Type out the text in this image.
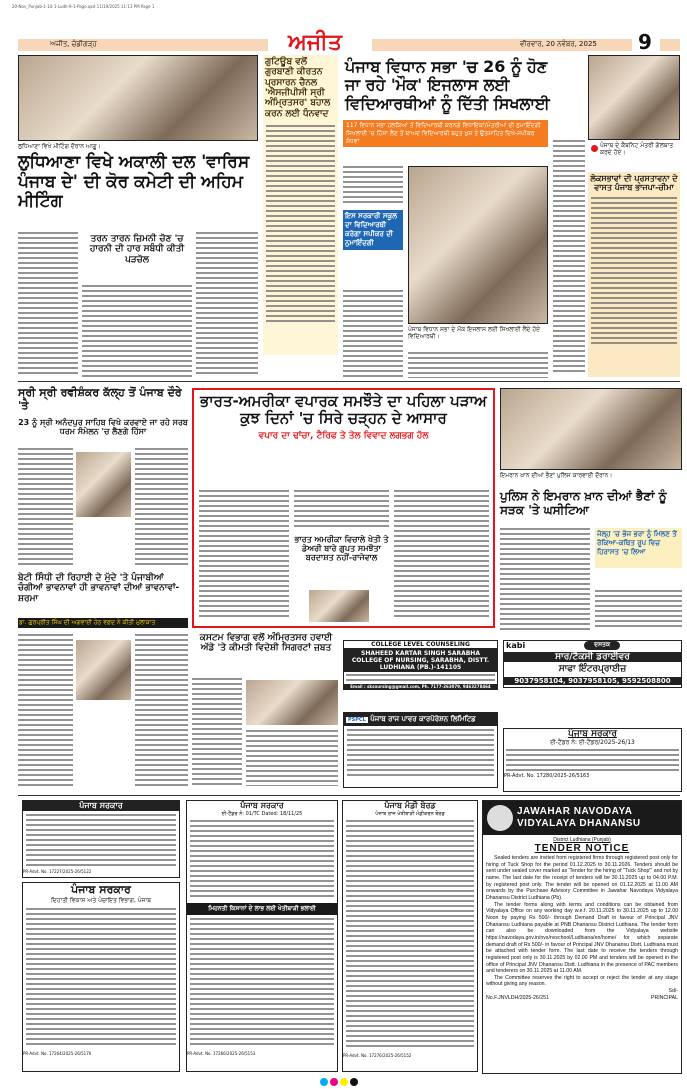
20-Nov_Punjab-1-10-1-Ludh-9-1-Page.qxd 11/19/2025 11:13 PM Page 1
ਅਜੀਤ, ਚੰਡੀਗੜ੍ਹ	ਅਜੀਤ	ਵੀਰਵਾਰ, 20 ਨਵੰਬਰ, 2025 9
ਲੁਧਿਆਣਾ ਵਿਖੇ ਮੀਟਿੰਗ ਦੌਰਾਨ ਆਗੂ।
ਗੁਟਿਊਬ ਵਲੋਂ ਗੁਰਬਾਣੀ ਕੀਰਤਨ ਪ੍ਰਸਾਰਨ ਚੈਨਲ 'ਐਸਜੀਪੀਸੀ ਸ੍ਰੀ ਅੰਮ੍ਰਿਤਸਰ' ਬਹਾਲ ਕਰਨ ਲਈ ਧੰਨਵਾਦ
ਲੁਧਿਆਣਾ ਵਿਖੇ ਅਕਾਲੀ ਦਲ 'ਵਾਰਿਸ ਪੰਜਾਬ ਦੇ' ਦੀ ਕੋਰ ਕਮੇਟੀ ਦੀ ਅਹਿਮ ਮੀਟਿੰਗ
ਤਰਨ ਤਾਰਨ ਜ਼ਿਮਨੀ ਚੋਣ 'ਚ ਹਾਰਨੀ ਦੀ ਹਾਰ ਸਬੰਧੀ ਕੀਤੀ ਪੜਚੋਲ
ਪੰਜਾਬ ਵਿਧਾਨ ਸਭਾ 'ਚ 26 ਨੂੰ ਹੋਣ ਜਾ ਰਹੇ 'ਮੌਕ' ਇਜਲਾਸ ਲਈ ਵਿਦਿਆਰਥੀਆਂ ਨੂੰ ਦਿੱਤੀ ਸਿਖਲਾਈ
117 ਵਿਧਾਨ ਸਭਾ ਹਲਕਿਆਂ ਤੋਂ ਵਿਦਿਆਰਥੀ ਕਰਨਗੇ ਵਿਧਾਇਕਾਂ/ਮੰਤਰੀਆਂ ਦੀ ਨੁਮਾਇੰਦਗੀ
ਸਿਖਲਾਈ 'ਚ ਹਿੱਸਾ ਲੈਣ ਤੋਂ ਬਾਅਦ ਵਿਦਿਆਰਥੀ ਬਹੁਤ ਖੁਸ਼ ਤੇ ਉਤਸ਼ਾਹਿਤ ਦਿਖੇ-ਸਪੀਕਰ ਸੰਧਵਾਂ
ਇਸ ਸਰਕਾਰੀ ਸਕੂਲ ਦਾ ਵਿਦਿਆਰਥੀ ਕਰੇਗਾ ਸਪੀਕਰ ਦੀ ਨੁਮਾਇੰਦਗੀ
ਪੰਜਾਬ ਵਿਧਾਨ ਸਭਾ ਦੇ ਮੌਕ ਇਜਲਾਸ ਲਈ ਸਿਖਲਾਈ ਲੈਂਦੇ ਹੋਏ ਵਿਦਿਆਰਥੀ।
ਪੰਜਾਬ ਦੇ ਕੈਬਨਿਟ ਮੰਤਰੀ ਗੱਲਬਾਤ ਕਰਦੇ ਹੋਏ।
ਲੋਕਸਭਾਵਾਂ ਦੀ ਪ੍ਰਸਤਾਵਨਾ ਦੇ ਵਾਸਤ ਪੰਜਾਬ ਭਾਜਪਾ-ਚੀਮਾ
ਸ੍ਰੀ ਸ੍ਰੀ ਰਵੀਸ਼ੰਕਰ ਕੱਲ੍ਹ ਤੋਂ ਪੰਜਾਬ ਦੌਰੇ 'ਤੇ
23 ਨੂੰ ਸ੍ਰੀ ਅਨੰਦਪੁਰ ਸਾਹਿਬ ਵਿਖੇ ਕਰਵਾਏ ਜਾ ਰਹੇ ਸਰਬ ਧਰਮ ਸੰਮੇਲਨ 'ਚ ਲੈਣਗੇ ਹਿੱਸਾ
ਬੇਟੀ ਸਿੰਧੀ ਦੀ ਰਿਹਾਈ ਦੇ ਮੁੱਦੇ 'ਤੇ ਪੰਜਾਬੀਆਂ ਚੰਗੀਆਂ ਭਾਵਨਾਵਾਂ ਹੀ ਭਾਵਨਾਵਾਂ ਦੀਆਂ ਭਾਵਨਾਵਾਂ-ਸ਼ਰਮਾ
ਡਾ. ਗੁਰਪ੍ਰੀਤ ਸਿੰਘ ਦੀ ਅਗਵਾਈ ਹੇਠ ਵਫ਼ਦ ਨੇ ਕੀਤੀ ਮੁਲਾਕਾਤ
ਭਾਰਤ-ਅਮਰੀਕਾ ਵਪਾਰਕ ਸਮਝੌਤੇ ਦਾ ਪਹਿਲਾ ਪੜਾਅ ਕੁਝ ਦਿਨਾਂ 'ਚ ਸਿਰੇ ਚੜ੍ਹਨ ਦੇ ਆਸਾਰ
ਵਪਾਰ ਦਾ ਢਾਂਚਾ, ਟੈਰਿਫ ਤੇ ਤੇਲ ਵਿਵਾਦ ਲਗਭਗ ਹੱਲ
ਭਾਰਤ ਅਮਰੀਕਾ ਵਿਚਾਲੇ ਖੇਤੀ ਤੇ ਡੇਅਰੀ ਬਾਰੇ ਗੁਪਤ ਸਮਝੌਤਾ ਬਰਦਾਸ਼ਤ ਨਹੀਂ-ਰਾਜੇਵਾਲ
ਇਮਰਾਨ ਖ਼ਾਨ ਦੀਆਂ ਭੈਣਾਂ ਪੁਲਿਸ ਕਾਰਵਾਈ ਦੌਰਾਨ।
ਪੁਲਿਸ ਨੇ ਇਮਰਾਨ ਖ਼ਾਨ ਦੀਆਂ ਭੈਣਾਂ ਨੂੰ ਸੜਕ 'ਤੇ ਘਸੀਟਿਆ
ਜੇਲ੍ਹ 'ਚ ਭੇਜ ਭਰਾ ਨੂੰ ਮਿਲਣ ਤੋਂ ਰੋਕਿਆ-ਕਥਿਤ ਰੂਪ ਵਿਚ ਹਿਰਾਸਤ 'ਚ ਲਿਆ
ਕਸਟਮ ਵਿਭਾਗ ਵਲੋਂ ਅੰਮ੍ਰਿਤਸਰ ਹਵਾਈ ਅੱਡੇ 'ਤੇ ਕੀਮਤੀ ਵਿਦੇਸ਼ੀ ਸਿਗਰਟਾਂ ਜ਼ਬਤ	COLLEGE LEVEL COUNSELING
SHAHEED KARTAR SINGH SARABHA COLLEGE OF NURSING, SARABHA, DISTT. LUDHIANA (PB.)-141105
Email : sksnursing@gmail.com, Ph. 7177-263079, 9463278464
PSPCL ਪੰਜਾਬ ਰਾਜ ਪਾਵਰ ਕਾਰਪੋਰੇਸ਼ਨ ਲਿਮਿਟਿਡ
kabi	ਦਸਤਕ
ਸਾਰ/ਟੈਕਸੀ ਡਰਾਈਵਰ
ਸਾਫਾ ਇੰਟਰਪ੍ਰਾਈਜ਼
9037958104, 9037958105, 9592508800
ਪੰਜਾਬ ਸਰਕਾਰ
ਈ-ਟੈਂਡਰ ਨੰ: ਈ-ਟੈਂਡਰ/2025-26/13
PR-Advt. No. 17280/2025-26/5163
ਪੰਜਾਬ ਸਰਕਾਰ
PR-Advt. No. 17227/2025-26/5122
ਪੰਜਾਬ ਸਰਕਾਰ
ਦਿਹਾਤੀ ਵਿਕਾਸ ਅਤੇ ਪੰਚਾਇਤ ਵਿਭਾਗ, ਪੰਜਾਬ
PR-Advt. No. 17264/2025-26/5170
ਪੰਜਾਬ ਸਰਕਾਰ
ਈ-ਟੈਂਡਰ ਨੰ: 01/TC Dated: 18/11/25
ਮਿਹਨਤੀ ਕਿਸਾਨਾਂ ਦੇ ਲਾਭ ਲਈ ਖੇਤੀਬਾੜੀ ਭਲਾਈ
PR-Advt. No. 17266/2025-26/5153
ਪੰਜਾਬ ਮੰਡੀ ਬੋਰਡ
ਪੰਜਾਬ ਰਾਜ ਖੇਤੀਬਾੜੀ ਮੰਡੀਕਰਨ ਬੋਰਡ
PR-Advt. No. 17276/2025-26/5152
JAWAHAR NAVODAYA
VIDYALAYA DHANANSU
District Ludhiana (Punjab)
TENDER NOTICE

Sealed tenders are invited from registered firms through registered post only for hiring of Tuck Shop for the period 01.12.2025 to 30.11.2026. Tenders should be sent under sealed cover marked as 'Tender for the hiring of "Tuck Shop"' and not by name. The last date for the receipt of tenders will be 30.11.2025 up to 04.00 P.M. by registered post only. The tender will be opened on 01.12.2025 at 11.00 AM onwards by the Purchase Advisory Committee in Jawahar Navodaya Vidyalaya Dhanansu District Ludhiana (Pb).

The tender forms along with terms and conditions can be obtained from Vidyalaya Office on any working day w.e.f. 20.11.2025 to 30.11.2025 up to 12.00 Noon by paying Rs 500/- through Demand Draft in favour of Principal JNV Dhanansu Ludhiana payable at PNB Dhanansu District Ludhiana. The tender form can also be downloaded from the Vidyalaya website https://navodaya.gov.in/nvs/nvschool/Ludhiana/en/home/ for which separate demand draft of Rs 500/- in favour of Principal JNV Dhanansu Distt. Ludhiana must be attached with tender form. The last date to receive the tenders through registered post only is 30.11.2025 by 02.00 PM and tenders will be opened in the office of Principal JNV Dhanansu Distt. Ludhiana in the presence of PAC members and tenderers on 30.11.2025 at 11.00 AM.

The Committee reserves the right to accept or reject the tender at any stage without giving any reason.

Sd/-
No.F.JNVLDH/2025-26/251	PRINCIPAL
